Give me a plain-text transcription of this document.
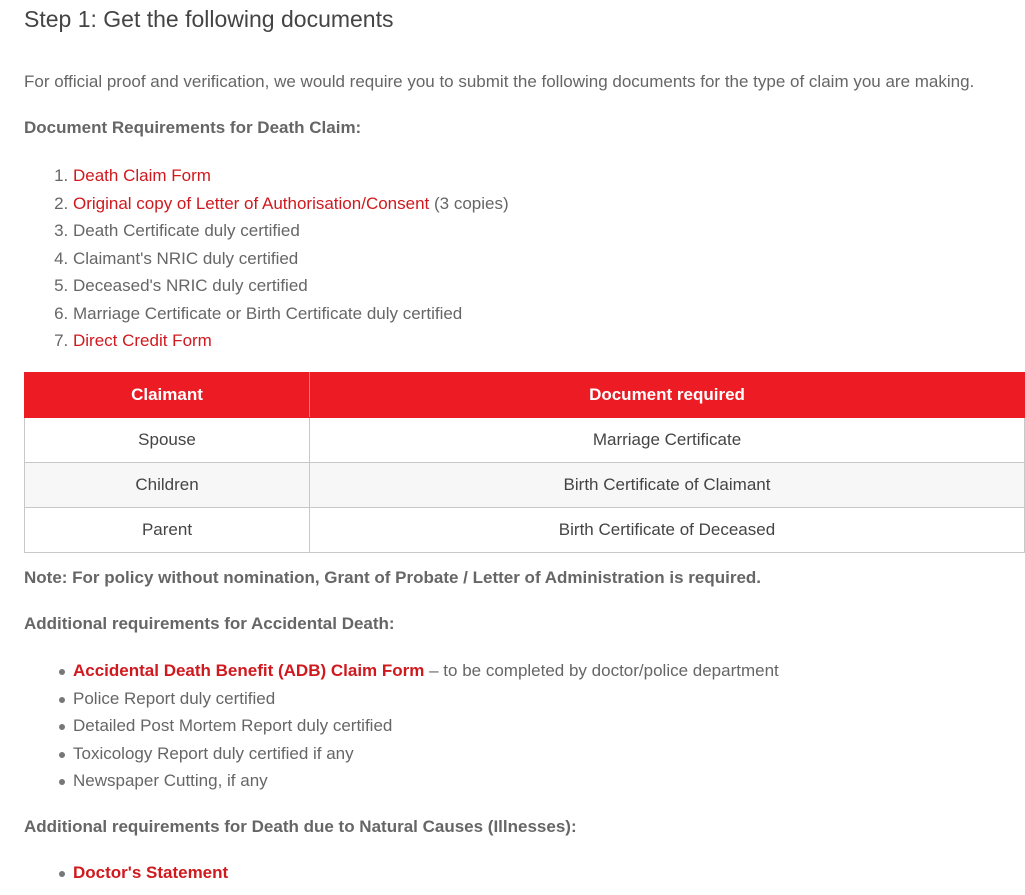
Step 1: Get the following documents

For official proof and verification, we would require you to submit the following documents for the type of claim you are making.

Document Requirements for Death Claim:

1. Death Claim Form
2. Original copy of Letter of Authorisation/Consent (3 copies)
3. Death Certificate duly certified
4. Claimant's NRIC duly certified
5. Deceased's NRIC duly certified
6. Marriage Certificate or Birth Certificate duly certified
7. Direct Credit Form
Claimant	Document required
Spouse	Marriage Certificate
Children	Birth Certificate of Claimant
Parent	Birth Certificate of Deceased

Note: For policy without nomination, Grant of Probate / Letter of Administration is required.

Additional requirements for Accidental Death:

Accidental Death Benefit (ADB) Claim Form – to be completed by doctor/police department
Police Report duly certified
Detailed Post Mortem Report duly certified
Toxicology Report duly certified if any
Newspaper Cutting, if any

Additional requirements for Death due to Natural Causes (Illnesses):

Doctor's Statement
